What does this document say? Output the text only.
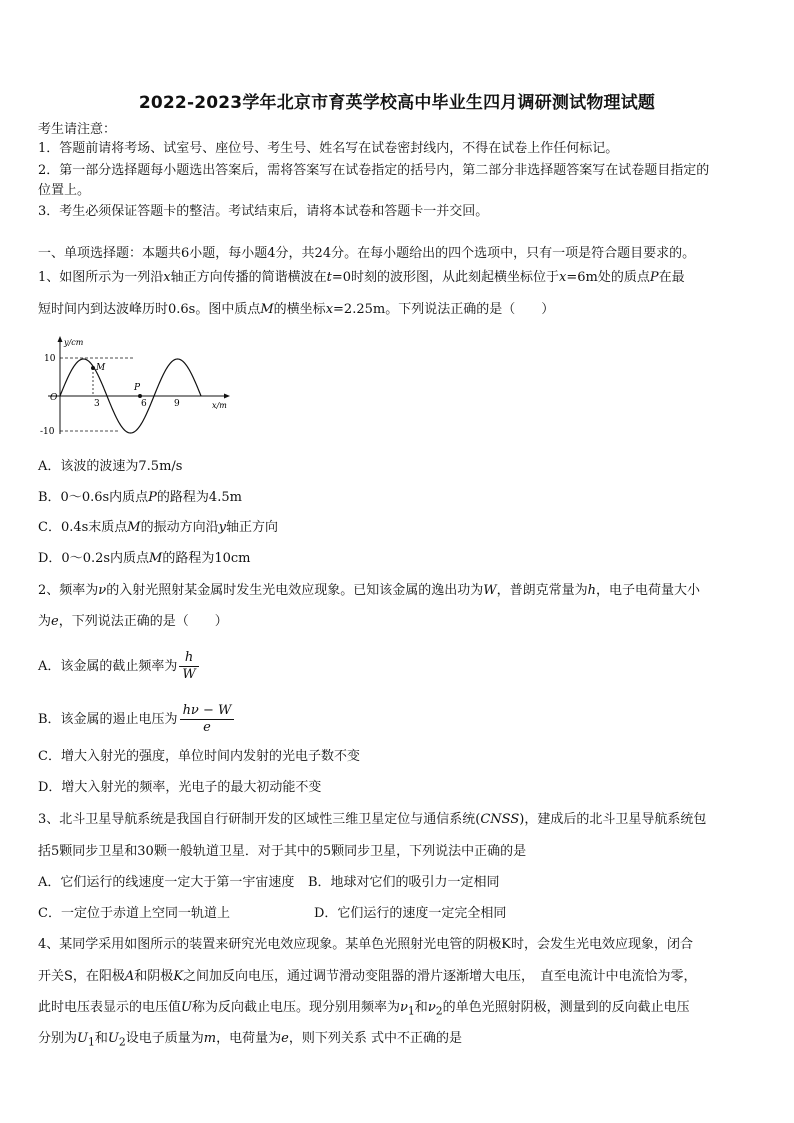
2022-2023学年北京市育英学校高中毕业生四月调研测试物理试题
考生请注意：
1．答题前请将考场、试室号、座位号、考生号、姓名写在试卷密封线内，不得在试卷上作任何标记。
2．第一部分选择题每小题选出答案后，需将答案写在试卷指定的括号内，第二部分非选择题答案写在试卷题目指定的
位置上。
3．考生必须保证答题卡的整洁。考试结束后，请将本试卷和答题卡一并交回。
一、单项选择题：本题共6小题，每小题4分，共24分。在每小题给出的四个选项中，只有一项是符合题目要求的。
1、如图所示为一列沿x轴正方向传播的简谐横波在t=0时刻的波形图，从此刻起横坐标位于x=6m处的质点P在最
短时间内到达波峰历时0.6s。图中质点M的横坐标x=2.25m。下列说法正确的是（　　）
y/cm
x/m
O
10
-10
3	6	9
M
P
A．该波的波速为7.5m/s
B．0～0.6s内质点P的路程为4.5m
C．0.4s末质点M的振动方向沿y轴正方向
D．0～0.2s内质点M的路程为10cm
2、频率为ν的入射光照射某金属时发生光电效应现象。已知该金属的逸出功为W，普朗克常量为h，电子电荷量大小
为e，下列说法正确的是（　　）
A．该金属的截止频率为 $\frac{h}{W}$
B．该金属的遏止电压为 $\frac{h\nu - W}{e}$
C．增大入射光的强度，单位时间内发射的光电子数不变
D．增大入射光的频率，光电子的最大初动能不变
3、北斗卫星导航系统是我国自行研制开发的区域性三维卫星定位与通信系统(CNSS)，建成后的北斗卫星导航系统包
括5颗同步卫星和30颗一般轨道卫星．对于其中的5颗同步卫星，下列说法中正确的是
A．它们运行的线速度一定大于第一宇宙速度 B．地球对它们的吸引力一定相同
C．一定位于赤道上空同一轨道上	D．它们运行的速度一定完全相同
4、某同学采用如图所示的装置来研究光电效应现象。某单色光照射光电管的阴极K时，会发生光电效应现象，闭合
开关S，在阳极A和阴极K之间加反向电压，通过调节滑动变阻器的滑片逐渐增大电压，　直至电流计中电流恰为零，
此时电压表显示的电压值U称为反向截止电压。现分别用频率为$\nu_1$和$\nu_2$的单色光照射阴极，测量到的反向截止电压
分别为$U_1$和$U_2$设电子质量为m，电荷量为e，则下列关系 式中不正确的是
